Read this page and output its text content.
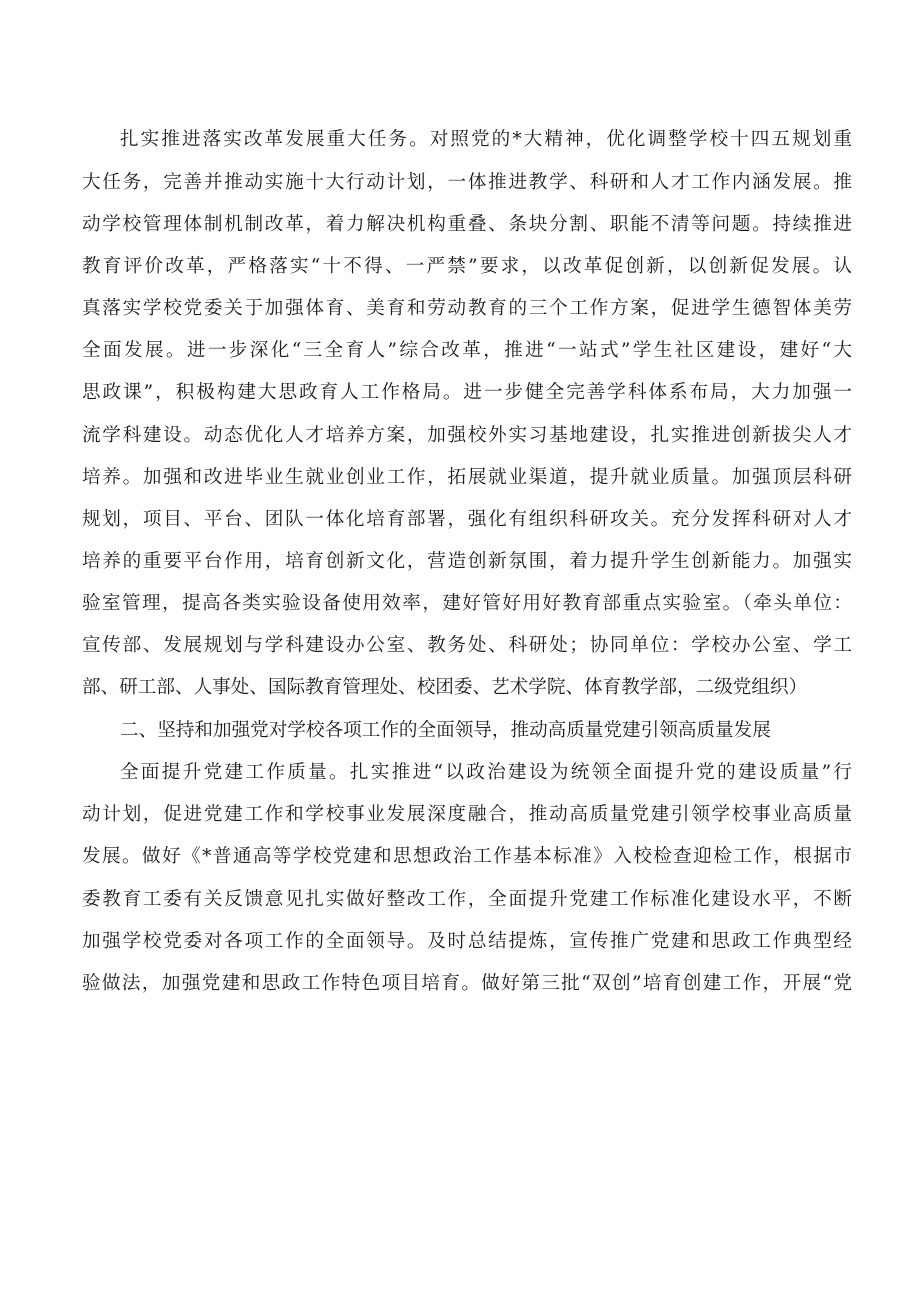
扎实推进落实改革发展重大任务。对照党的*大精神，优化调整学校十四五规划重
大任务，完善并推动实施十大行动计划，一体推进教学、科研和人才工作内涵发展。推
动学校管理体制机制改革，着力解决机构重叠、条块分割、职能不清等问题。持续推进
教育评价改革，严格落实“十不得、一严禁”要求，以改革促创新，以创新促发展。认
真落实学校党委关于加强体育、美育和劳动教育的三个工作方案，促进学生德智体美劳
全面发展。进一步深化“三全育人”综合改革，推进“一站式”学生社区建设，建好“大
思政课”，积极构建大思政育人工作格局。进一步健全完善学科体系布局，大力加强一
流学科建设。动态优化人才培养方案，加强校外实习基地建设，扎实推进创新拔尖人才
培养。加强和改进毕业生就业创业工作，拓展就业渠道，提升就业质量。加强顶层科研
规划，项目、平台、团队一体化培育部署，强化有组织科研攻关。充分发挥科研对人才
培养的重要平台作用，培育创新文化，营造创新氛围，着力提升学生创新能力。加强实
验室管理，提高各类实验设备使用效率，建好管好用好教育部重点实验室。（牵头单位：
宣传部、发展规划与学科建设办公室、教务处、科研处；协同单位：学校办公室、学工
部、研工部、人事处、国际教育管理处、校团委、艺术学院、体育教学部，二级党组织）
二、坚持和加强党对学校各项工作的全面领导，推动高质量党建引领高质量发展
全面提升党建工作质量。扎实推进“以政治建设为统领全面提升党的建设质量”行
动计划，促进党建工作和学校事业发展深度融合，推动高质量党建引领学校事业高质量
发展。做好《*普通高等学校党建和思想政治工作基本标准》入校检查迎检工作，根据市
委教育工委有关反馈意见扎实做好整改工作，全面提升党建工作标准化建设水平，不断
加强学校党委对各项工作的全面领导。及时总结提炼，宣传推广党建和思政工作典型经
验做法，加强党建和思政工作特色项目培育。做好第三批“双创”培育创建工作，开展“党
